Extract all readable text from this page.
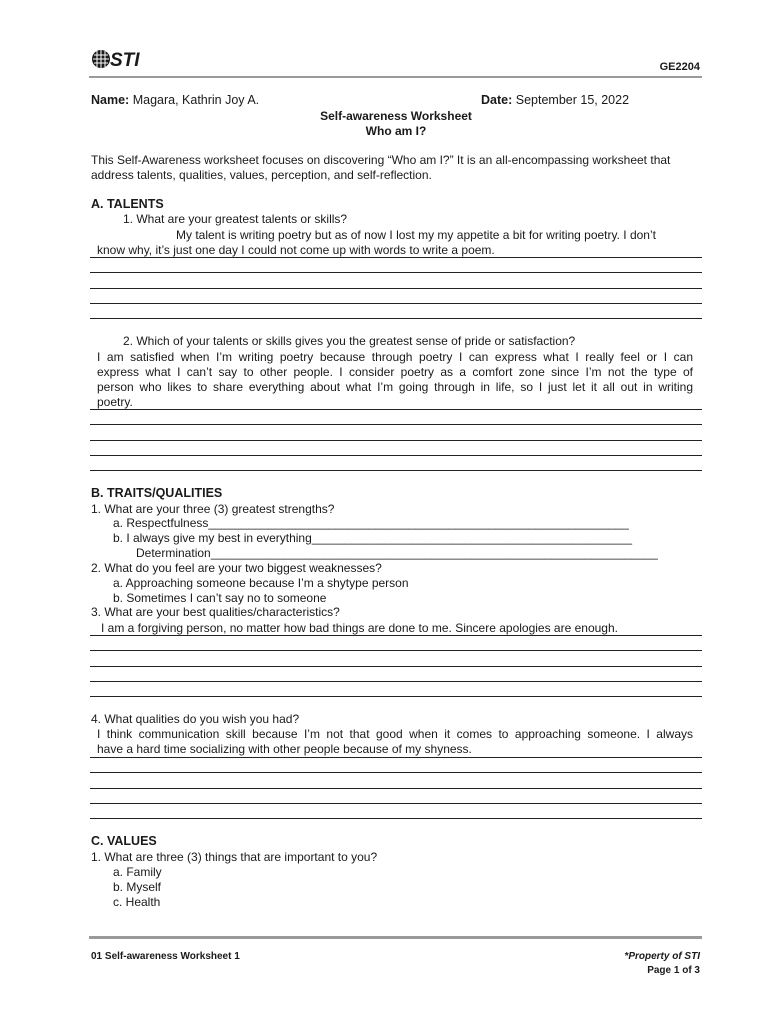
STI	GE2204
Name: Magara, Kathrin Joy A.	Date: September 15, 2022
Self-awareness Worksheet
Who am I?
This Self-Awareness worksheet focuses on discovering “Who am I?” It is an all-encompassing worksheet that
address talents, qualities, values, perception, and self-reflection.
A. TALENTS
1. What are your greatest talents or skills?
My talent is writing poetry but as of now I lost my my appetite a bit for writing poetry. I don’t
know why, it’s just one day I could not come up with words to write a poem.
2. Which of your talents or skills gives you the greatest sense of pride or satisfaction?
I am satisfied when I’m writing poetry because through poetry I can express what I really feel or I can
express what I can’t say to other people. I consider poetry as a comfort zone since I’m not the type of
person who likes to share everything about what I’m going through in life, so I just let it all out in writing
poetry.
B. TRAITS/QUALITIES
1. What are your three (3) greatest strengths?
a. Respectfulness_______________________________________________________________
b. I always give my best in everything________________________________________________
Determination___________________________________________________________________
2. What do you feel are your two biggest weaknesses?
a. Approaching someone because I’m a shytype person
b. Sometimes I can’t say no to someone
3. What are your best qualities/characteristics?
I am a forgiving person, no matter how bad things are done to me. Sincere apologies are enough.
4. What qualities do you wish you had?
I think communication skill because I’m not that good when it comes to approaching someone. I always
have a hard time socializing with other people because of my shyness.
C. VALUES
1. What are three (3) things that are important to you?
a. Family
b. Myself
c. Health
01 Self-awareness Worksheet 1	*Property of STI
Page 1 of 3
